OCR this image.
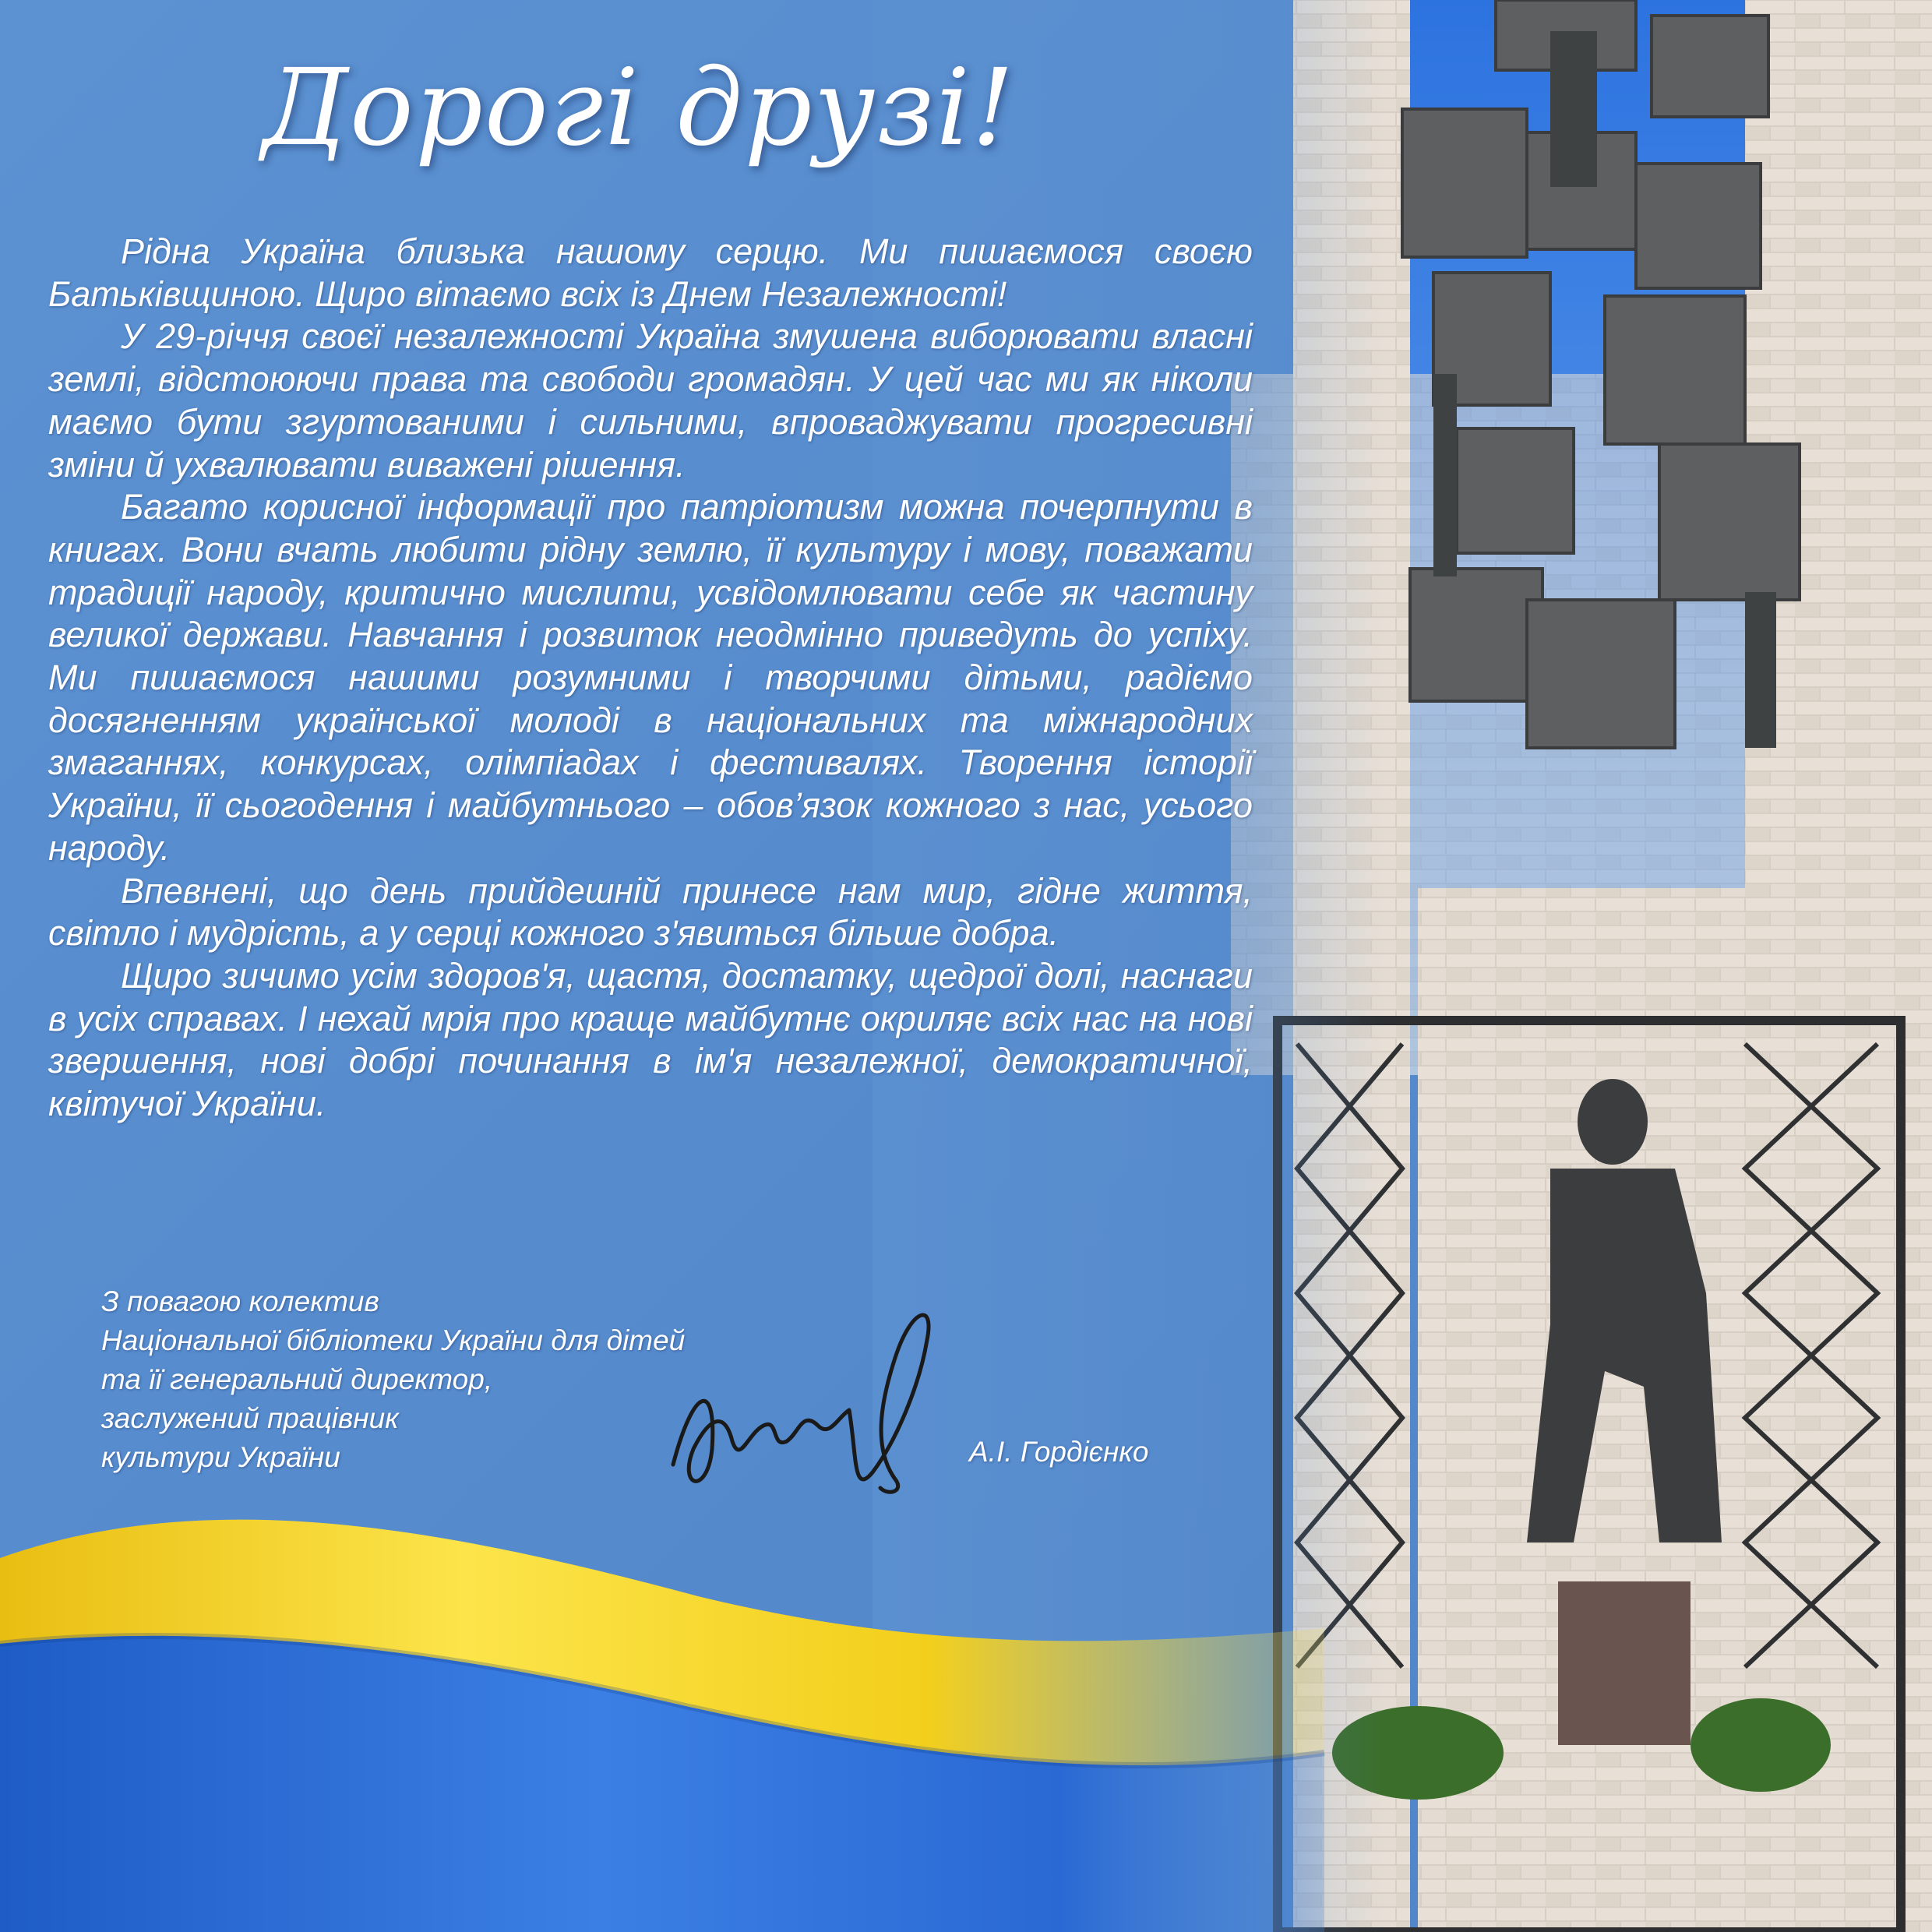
Дорогі друзі!

Рідна Україна близька нашому серцю. Ми пишаємося своєю Батьківщиною. Щиро вітаємо всіх із Днем Незалежності!

У 29-річчя своєї незалежності Україна змушена виборювати власні землі, відстоюючи права та свободи громадян. У цей час ми як ніколи маємо бути згуртованими і сильними, впроваджувати прогресивні зміни й ухвалювати виважені рішення.

Багато корисної інформації про патріотизм можна почерпнути в книгах. Вони вчать любити рідну землю, її культуру і мову, поважати традиції народу, критично мислити, усвідомлювати себе як частину великої держави. Навчання і розвиток неодмінно приведуть до успіху. Ми пишаємося нашими розумними і творчими дітьми, радіємо досягненням української молоді в національних та міжнародних змаганнях, конкурсах, олімпіадах і фестивалях. Творення історії України, її сьогодення і майбутнього – обов’язок кожного з нас, усього народу.

Впевнені, що день прийдешній принесе нам мир, гідне життя, світло і мудрість, а у серці кожного з'явиться більше добра.

Щиро зичимо усім здоров'я, щастя, достатку, щедрої долі, наснаги в усіх справах. І нехай мрія про краще майбутнє окриляє всіх нас на нові звершення, нові добрі починання в ім'я незалежної, демократичної, квітучої України.

З повагою колектив
Національної бібліотеки України для дітей
та її генеральний директор,
заслужений працівник
культури України	А.І. Гордієнко
